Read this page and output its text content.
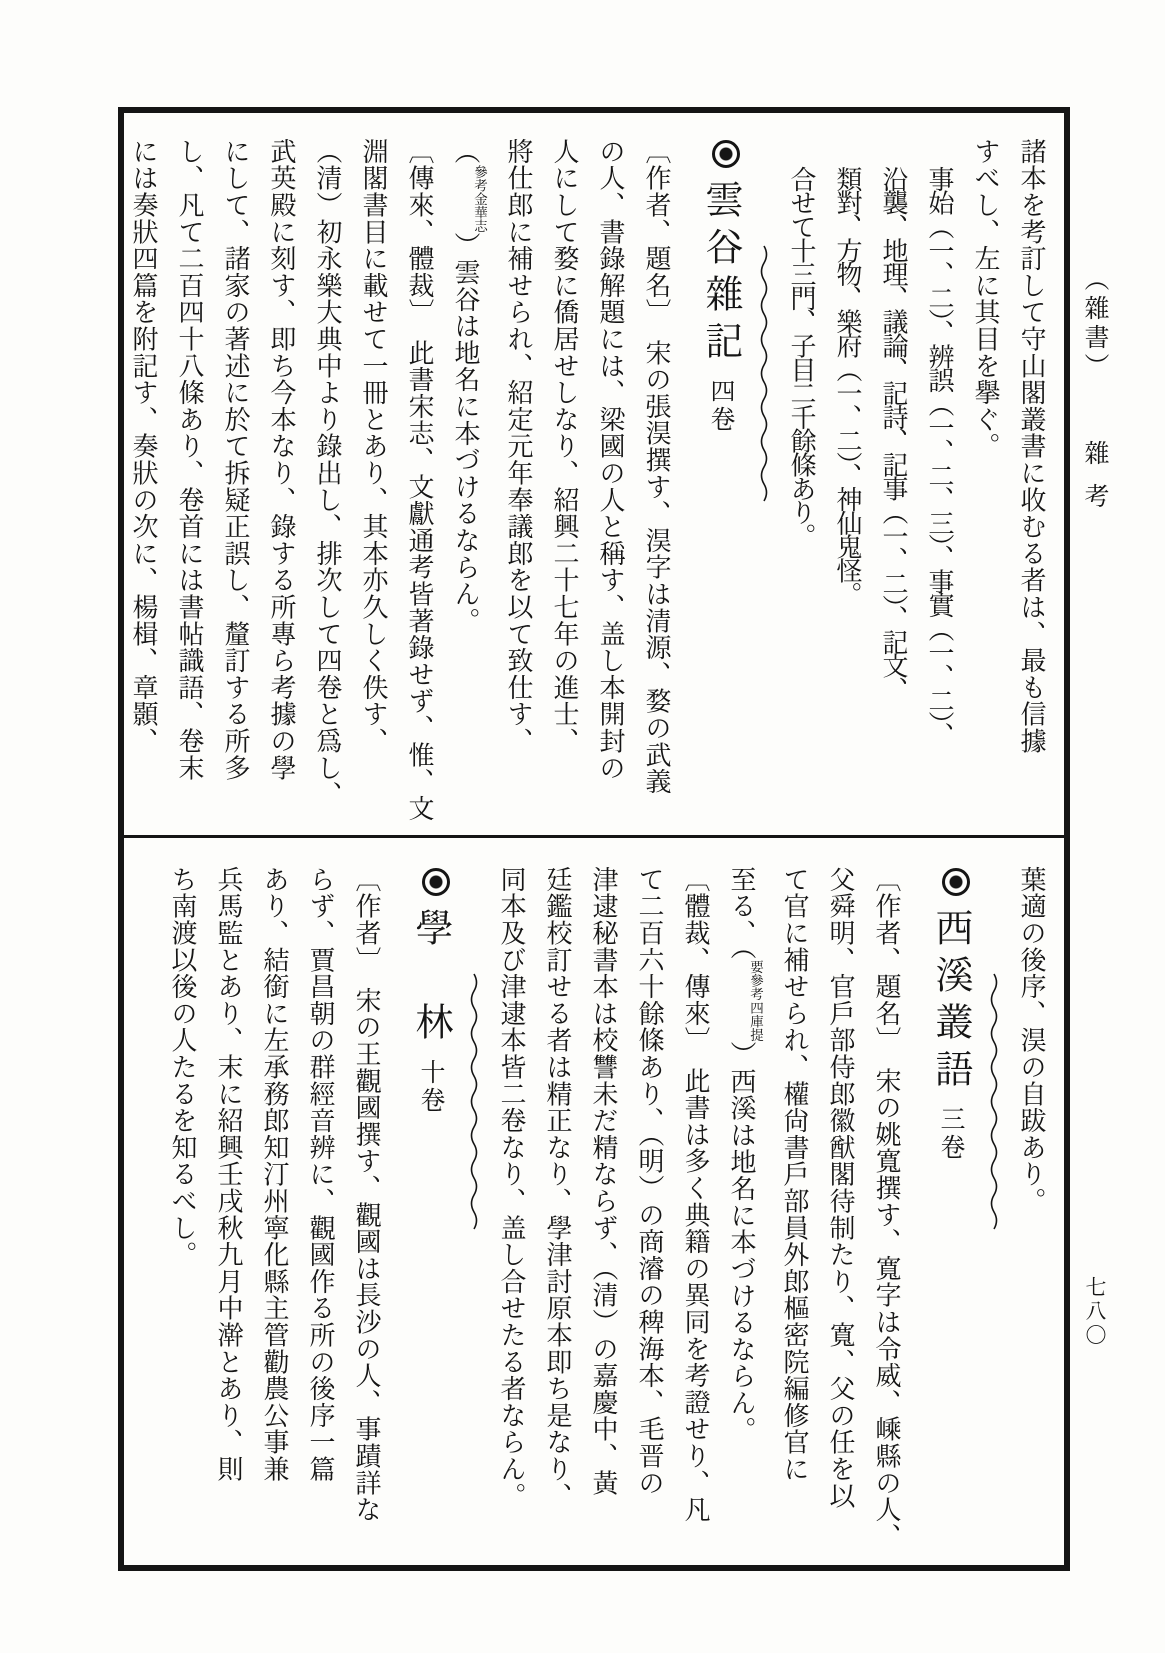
（雜書）雜考
七八〇

諸本を考訂して守山閣叢書に收むる者は、最も信據

すべし、左に其目を擧ぐ。

事始（一、二）、辨誤（一、二、三）、事實（一、二）、

沿襲、地理、議論、記詩、記事（一、二）、記文、

類對、方物、樂府（一、二）、神仙鬼怪。

合せて十三門、子目二千餘條あり。

雲谷雜記四卷

〔作者、題名〕　宋の張淏撰す、淏字は清源、婺の武義

の人、書錄解題には、梁國の人と稱す、盖し本開封の

人にして婺に僑居せしなり、紹興二十七年の進士、

將仕郎に補せられ、紹定元年奉議郎を以て致仕す、

（
金華志
參考
）雲谷は地名に本づけるならん。

〔傳來、體裁〕　此書宋志、文獻通考皆著錄せず、惟、文

淵閣書目に載せて一冊とあり、其本亦久しく佚す、

（清）初永樂大典中より錄出し、排次して四卷と爲し、

武英殿に刻す、即ち今本なり、錄する所專ら考據の學

にして、諸家の著述に於て拆疑正誤し、釐訂する所多

し、凡て二百四十八條あり、卷首には書帖識語、卷末

には奏狀四篇を附記す、奏狀の次に、楊楫、章顥、

葉適の後序、淏の自跋あり。

西溪叢語三卷

〔作者、題名〕　宋の姚寬撰す、寬字は令威、嵊縣の人、

父舜明、官戶部侍郎徽猷閣待制たり、寬、父の任を以

て官に補せられ、權尙書戶部員外郎樞密院編修官に

至る、（
四庫提
要參考
）西溪は地名に本づけるならん。

〔體裁、傳來〕　此書は多く典籍の異同を考證せり、凡

て二百六十餘條あり、（明）の商濬の稗海本、毛晋の

津逮秘書本は校讐未だ精ならず、（清）の嘉慶中、黃

廷鑑校訂せる者は精正なり、學津討原本即ち是なり、

同本及び津逮本皆二卷なり、盖し合せたる者ならん。

學　林十卷

〔作者〕　宋の王觀國撰す、觀國は長沙の人、事蹟詳な

らず、賈昌朝の群經音辨に、觀國作る所の後序一篇

あり、結銜に左承務郎知汀州寧化縣主管勸農公事兼

兵馬監とあり、末に紹興壬戌秋九月中澣とあり、則

ち南渡以後の人たるを知るべし。
